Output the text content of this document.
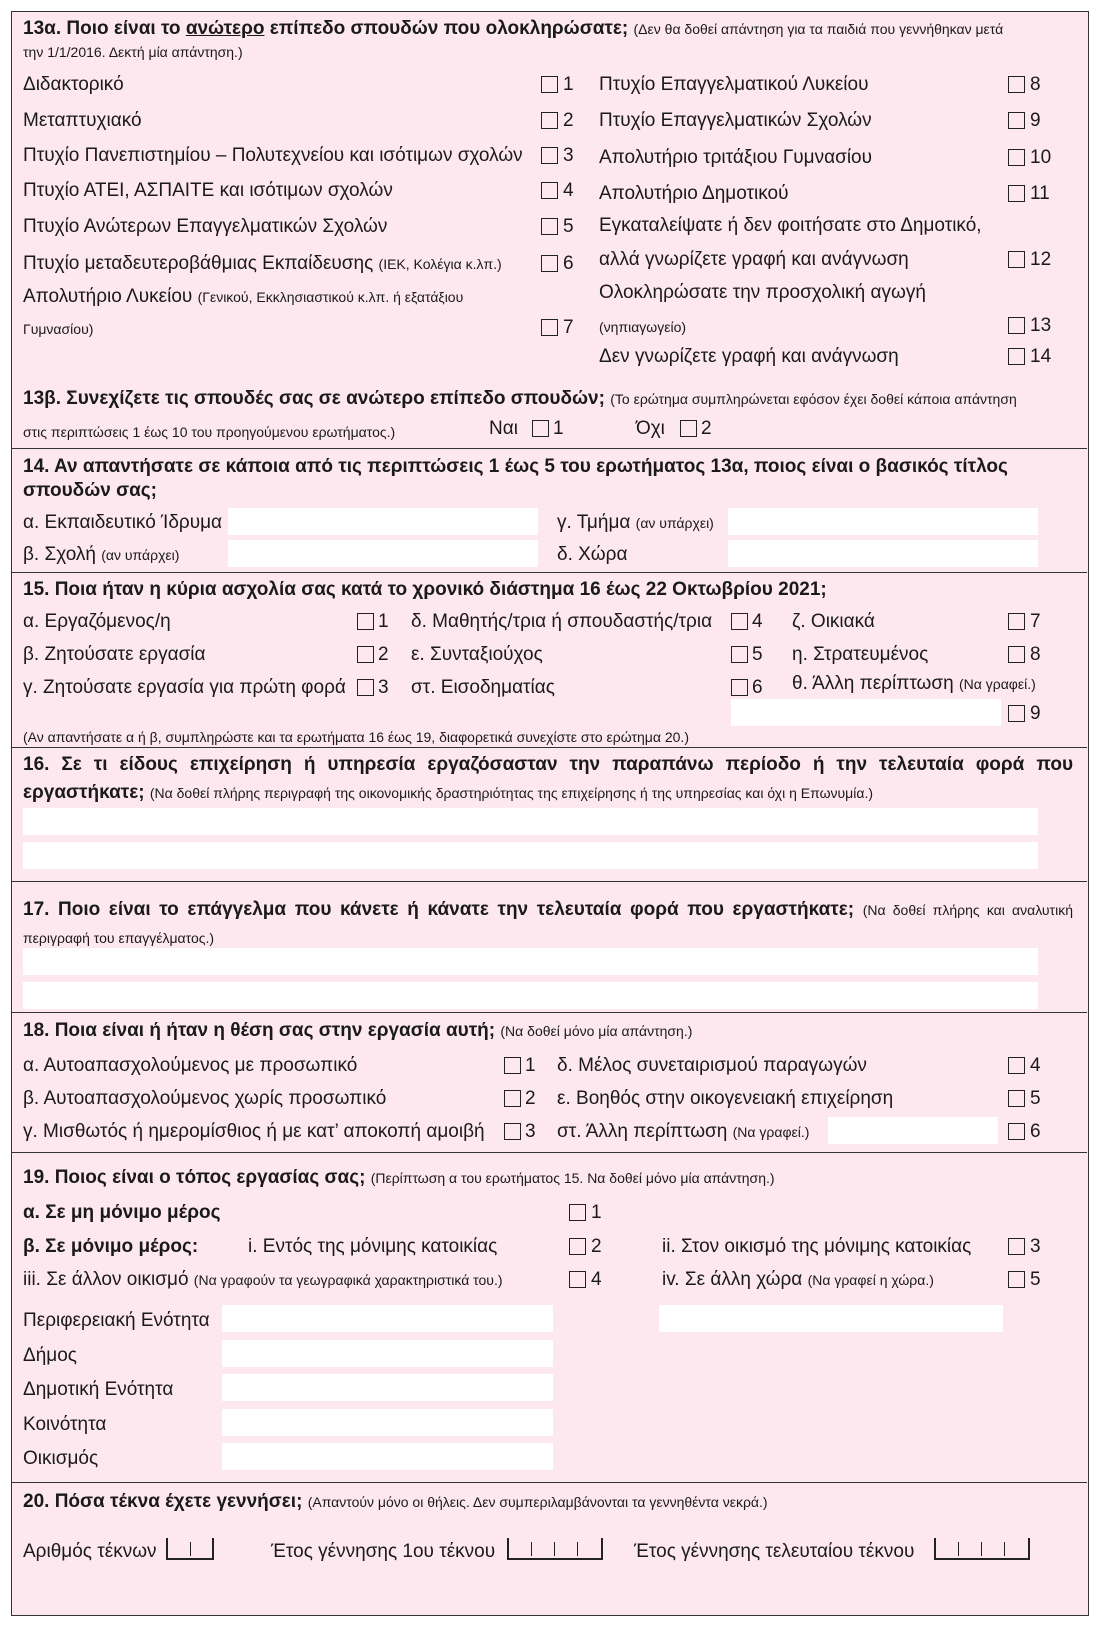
13α. Ποιο είναι το ανώτερο επίπεδο σπουδών που ολοκληρώσατε; (Δεν θα δοθεί απάντηση για τα παιδιά που γεννήθηκαν μετά
την 1/1/2016. Δεκτή μία απάντηση.)
Διδακτορικό	1
Μεταπτυχιακό	2
Πτυχίο Πανεπιστημίου – Πολυτεχνείου και ισότιμων σχολών 3
Πτυχίο ΑΤΕΙ, ΑΣΠΑΙΤΕ και ισότιμων σχολών	4
Πτυχίο Ανώτερων Επαγγελματικών Σχολών	5
Πτυχίο μεταδευτεροβάθμιας Εκπαίδευσης (ΙΕΚ, Κολέγια κ.λπ.)	6
Απολυτήριο Λυκείου (Γενικού, Εκκλησιαστικού κ.λπ. ή εξατάξιου
Γυμνασίου)	7
Πτυχίο Επαγγελματικού Λυκείου	8
Πτυχίο Επαγγελματικών Σχολών	9
Απολυτήριο τριτάξιου Γυμνασίου	10
Απολυτήριο Δημοτικού	11
Εγκαταλείψατε ή δεν φοιτήσατε στο Δημοτικό,
αλλά γνωρίζετε γραφή και ανάγνωση	12
Ολοκληρώσατε την προσχολική αγωγή
(νηπιαγωγείο)	13
Δεν γνωρίζετε γραφή και ανάγνωση	14
13β. Συνεχίζετε τις σπουδές σας σε ανώτερο επίπεδο σπουδών; (Το ερώτημα συμπληρώνεται εφόσον έχει δοθεί κάποια απάντηση
στις περιπτώσεις 1 έως 10 του προηγούμενου ερωτήματος.)	Ναι 1	Όχι 2
14. Αν απαντήσατε σε κάποια από τις περιπτώσεις 1 έως 5 του ερωτήματος 13α, ποιος είναι ο βασικός τίτλος
σπουδών σας;
α. Εκπαιδευτικό Ίδρυμα	γ. Τμήμα (αν υπάρχει)
β. Σχολή (αν υπάρχει)	δ. Χώρα
15. Ποια ήταν η κύρια ασχολία σας κατά το χρονικό διάστημα 16 έως 22 Οκτωβρίου 2021;
α. Εργαζόμενος/η	1
β. Ζητούσατε εργασία	2
γ. Ζητούσατε εργασία για πρώτη φορά 3
δ. Μαθητής/τρια ή σπουδαστής/τρια 4
ε. Συνταξιούχος	5
στ. Εισοδηματίας	6
ζ. Οικιακά	7
η. Στρατευμένος	8
θ. Άλλη περίπτωση (Να γραφεί.)
9
(Αν απαντήσατε α ή β, συμπληρώστε και τα ερωτήματα 16 έως 19, διαφορετικά συνεχίστε στο ερώτημα 20.)
16. Σε τι είδους επιχείρηση ή υπηρεσία εργαζόσασταν την παραπάνω περίοδο ή την τελευταία φορά που εργαστήκατε; (Να δοθεί πλήρης περιγραφή της οικονομικής δραστηριότητας της επιχείρησης ή της υπηρεσίας και όχι η Επωνυμία.)
17. Ποιο είναι το επάγγελμα που κάνετε ή κάνατε την τελευταία φορά που εργαστήκατε; (Να δοθεί πλήρης και αναλυτική περιγραφή του επαγγέλματος.)
18. Ποια είναι ή ήταν η θέση σας στην εργασία αυτή; (Να δοθεί μόνο μία απάντηση.)
α. Αυτοαπασχολούμενος με προσωπικό	1
β. Αυτοαπασχολούμενος χωρίς προσωπικό	2
γ. Μισθωτός ή ημερομίσθιος ή με κατ’ αποκοπή αμοιβή 3
δ. Μέλος συνεταιρισμού παραγωγών	4
ε. Βοηθός στην οικογενειακή επιχείρηση	5
στ. Άλλη περίπτωση (Να γραφεί.)	6
19. Ποιος είναι ο τόπος εργασίας σας; (Περίπτωση α του ερωτήματος 15. Να δοθεί μόνο μία απάντηση.)
α. Σε μη μόνιμο μέρος	1
β. Σε μόνιμο μέρος:	i. Εντός της μόνιμης κατοικίας	2	ii. Στον οικισμό της μόνιμης κατοικίας	3
iii. Σε άλλον οικισμό (Να γραφούν τα γεωγραφικά χαρακτηριστικά του.)	4	iv. Σε άλλη χώρα (Να γραφεί η χώρα.)	5
Περιφερειακή Ενότητα
Δήμος
Δημοτική Ενότητα
Κοινότητα
Οικισμός
20. Πόσα τέκνα έχετε γεννήσει; (Απαντούν μόνο οι θήλεις. Δεν συμπεριλαμβάνονται τα γεννηθέντα νεκρά.)
Αριθμός τέκνων	Έτος γέννησης 1ου τέκνου	Έτος γέννησης τελευταίου τέκνου
